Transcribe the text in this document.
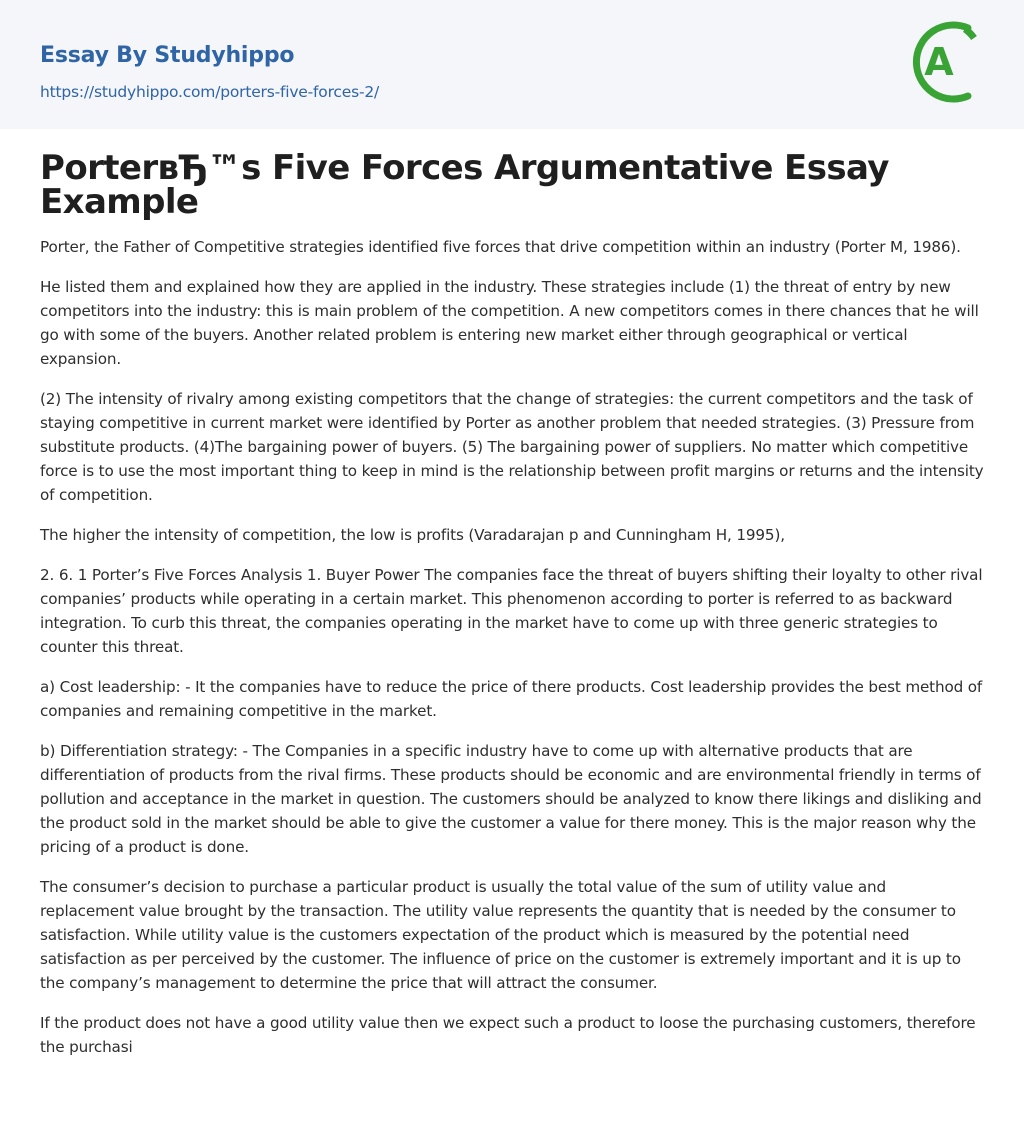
Essay By Studyhippo
https://studyhippo.com/porters-five-forces-2/
A
PorterвЂ™s Five Forces Argumentative Essay Example

Porter, the Father of Competitive strategies identified five forces that drive competition within an industry (Porter M, 1986).

He listed them and explained how they are applied in the industry. These strategies include (1) the threat of entry by new competitors into the industry: this is main problem of the competition. A new competitors comes in there chances that he will go with some of the buyers. Another related problem is entering new market either through geographical or vertical expansion.

(2) The intensity of rivalry among existing competitors that the change of strategies: the current competitors and the task of staying competitive in current market were identified by Porter as another problem that needed strategies. (3) Pressure from substitute products. (4)The bargaining power of buyers. (5) The bargaining power of suppliers. No matter which competitive force is to use the most important thing to keep in mind is the relationship between profit margins or returns and the intensity of competition.

The higher the intensity of competition, the low is profits (Varadarajan p and Cunningham H, 1995),

2. 6. 1 Porter’s Five Forces Analysis 1. Buyer Power The companies face the threat of buyers shifting their loyalty to other rival companies’ products while operating in a certain market. This phenomenon according to porter is referred to as backward integration. To curb this threat, the companies operating in the market have to come up with three generic strategies to counter this threat.

a) Cost leadership: - It the companies have to reduce the price of there products. Cost leadership provides the best method of companies and remaining competitive in the market.

b) Differentiation strategy: - The Companies in a specific industry have to come up with alternative products that are differentiation of products from the rival firms. These products should be economic and are environmental friendly in terms of pollution and acceptance in the market in question. The customers should be analyzed to know there likings and disliking and the product sold in the market should be able to give the customer a value for there money. This is the major reason why the pricing of a product is done.

The consumer’s decision to purchase a particular product is usually the total value of the sum of utility value and replacement value brought by the transaction. The utility value represents the quantity that is needed by the consumer to satisfaction. While utility value is the customers expectation of the product which is measured by the potential need satisfaction as per perceived by the customer. The influence of price on the customer is extremely important and it is up to the company’s management to determine the price that will attract the consumer.

If the product does not have a good utility value then we expect such a product to loose the purchasing customers, therefore the purchasi
